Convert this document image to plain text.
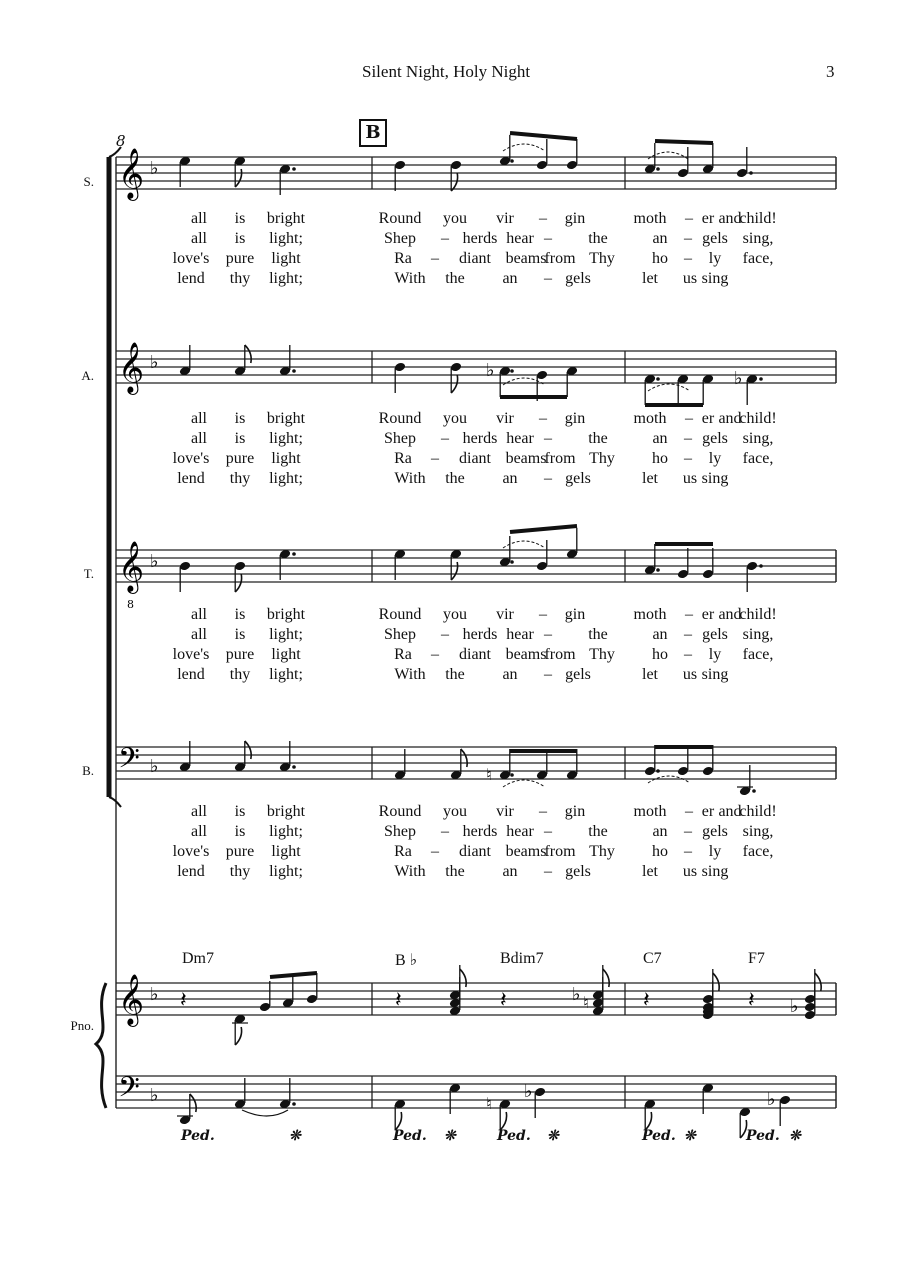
Silent Night, Holy Night	3
B
8
S.
A.
T.
B.
Pno.
𝄞 ♭
𝄞 ♭	♭	♭
𝄞
8
♭
𝄢 ♭	♮
𝄞 ♭ 𝄽	𝄽	𝄽	♭ ♮ 𝄽	𝄽 ♭
𝄢 ♭	♮
♭	♭
all is bright	Round you vir – gin	moth – er and
child!
all is light;	Shep – herds hear – the	an – gels sing,
love's pure light	Ra – diant beams
from Thy ho – ly face,
lend thy light;	With the an – gels	let us sing
all is bright	Round you vir – gin	moth – er and
child!
all is light;	Shep – herds hear – the	an – gels sing,
love's pure light	Ra – diant beams
from Thy ho – ly face,
lend thy light;	With the an – gels	let us sing
all is bright	Round you vir – gin	moth – er and
child!
all is light;	Shep – herds hear – the	an – gels sing,
love's pure light	Ra – diant beams
from Thy ho – ly face,
lend thy light;	With the an – gels	let us sing
all is bright	Round you vir – gin	moth – er and
child!
all is light;	Shep – herds hear – the	an – gels sing,
love's pure light	Ra – diant beams
from Thy ho – ly face,
lend thy light;	With the an – gels	let us sing
Dm7	B ♭	Bdim7	C7	F7
Ped.	❊	Ped. ❊	Ped. ❊	Ped. ❊	Ped. ❊
